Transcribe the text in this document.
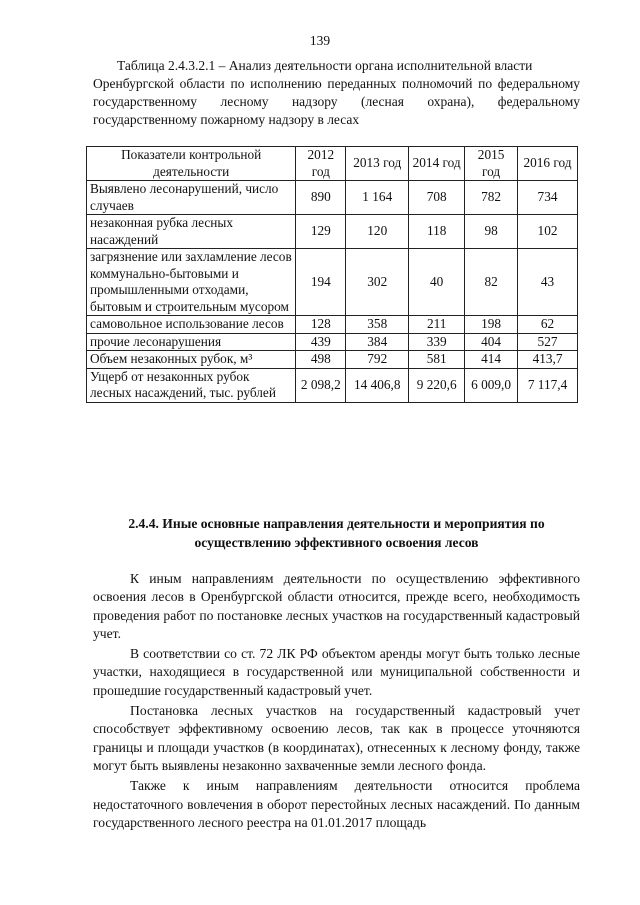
139

Таблица 2.4.3.2.1 – Анализ деятельности органа исполнительной власти

Оренбургской области по исполнению переданных полномочий по федеральному государственному лесному надзору (лесная охрана), федеральному государственному пожарному надзору в лесах

Показатели контрольной деятельности	2012 год	2013 год	2014 год	2015 год	2016 год
Выявлено лесонарушений, число случаев	890	1 164	708	782	734
незаконная рубка лесных насаждений	129	120	118	98	102
загрязнение или захламление лесов коммунально-бытовыми и промышленными отходами, бытовым и строительным мусором	194	302	40	82	43
самовольное использование лесов	128	358	211	198	62
прочие лесонарушения	439	384	339	404	527
Объем незаконных рубок, м³	498	792	581	414	413,7
Ущерб от незаконных рубок лесных насаждений, тыс. рублей	2 098,2	14 406,8	9 220,6	6 009,0	7 117,4

2.4.4. Иные основные направления деятельности и мероприятия по

осуществлению эффективного освоения лесов

К иным направлениям деятельности по осуществлению эффективного освоения лесов в Оренбургской области относится, прежде всего, необходимость проведения работ по постановке лесных участков на государственный кадастровый учет.

В соответствии со ст. 72 ЛК РФ объектом аренды могут быть только лесные участки, находящиеся в государственной или муниципальной собственности и прошедшие государственный кадастровый учет.

Постановка лесных участков на государственный кадастровый учет способствует эффективному освоению лесов, так как в процессе уточняются границы и площади участков (в координатах), отнесенных к лесному фонду, также могут быть выявлены незаконно захваченные земли лесного фонда.

Также к иным направлениям деятельности относится проблема недостаточного вовлечения в оборот перестойных лесных насаждений. По данным государственного лесного реестра на 01.01.2017 площадь
